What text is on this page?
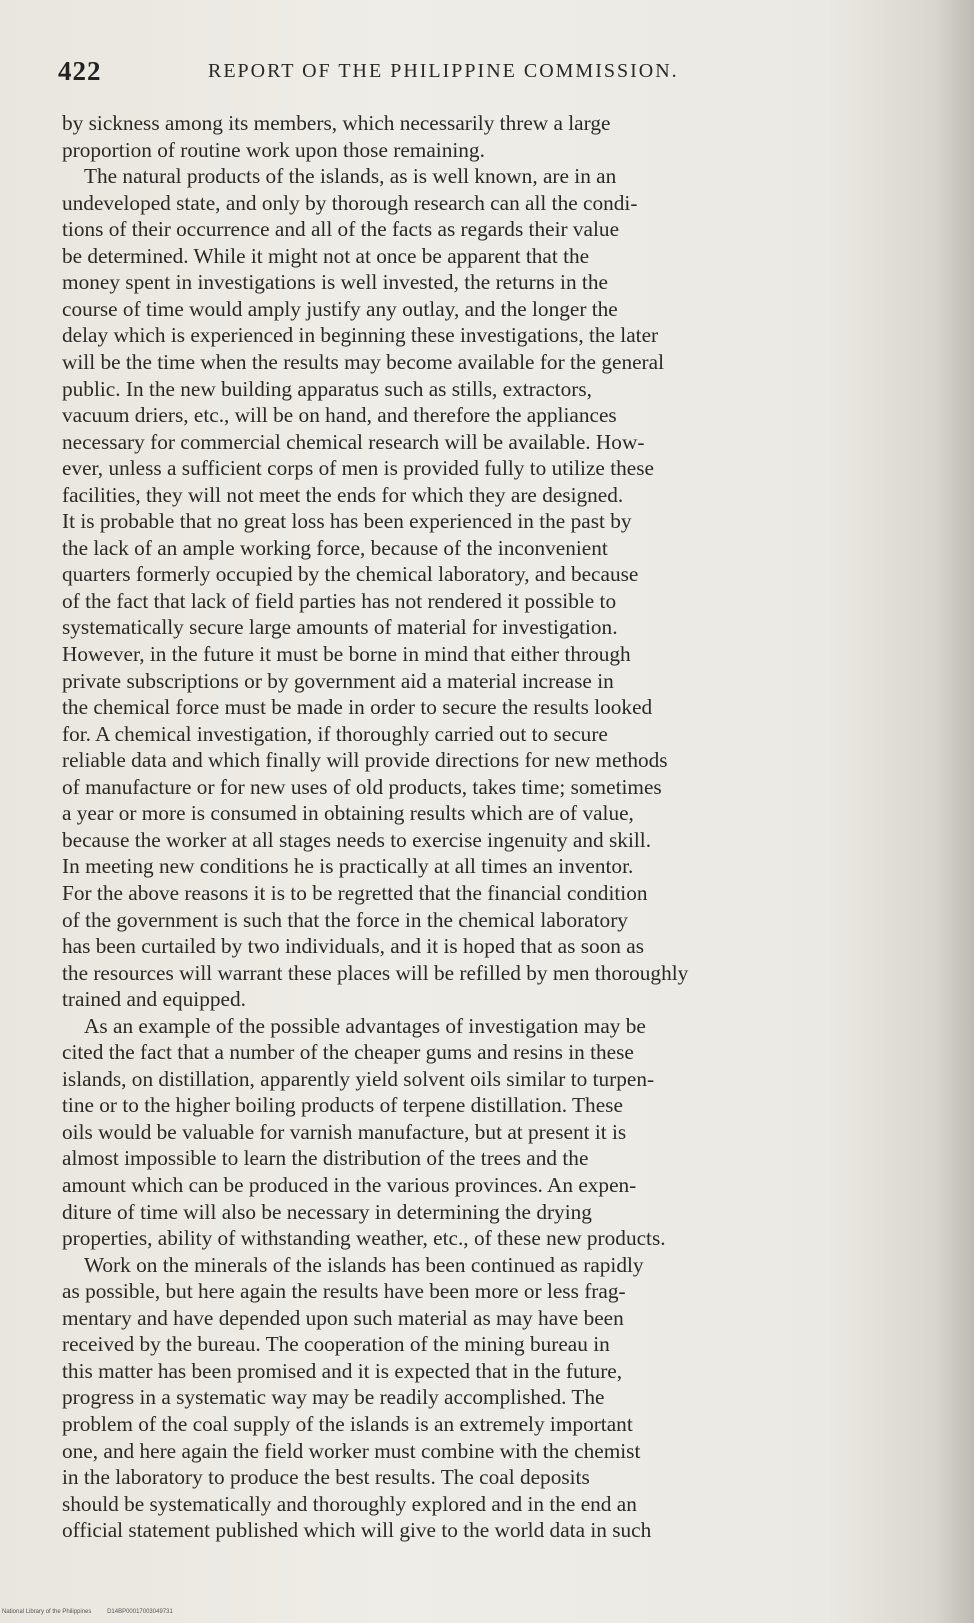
422	REPORT OF THE PHILIPPINE COMMISSION.
by sickness among its members, which necessarily threw a large
proportion of routine work upon those remaining.
The natural products of the islands, as is well known, are in an
undeveloped state, and only by thorough research can all the condi-
tions of their occurrence and all of the facts as regards their value
be determined. While it might not at once be apparent that the
money spent in investigations is well invested, the returns in the
course of time would amply justify any outlay, and the longer the
delay which is experienced in beginning these investigations, the later
will be the time when the results may become available for the general
public. In the new building apparatus such as stills, extractors,
vacuum driers, etc., will be on hand, and therefore the appliances
necessary for commercial chemical research will be available. How-
ever, unless a sufficient corps of men is provided fully to utilize these
facilities, they will not meet the ends for which they are designed.
It is probable that no great loss has been experienced in the past by
the lack of an ample working force, because of the inconvenient
quarters formerly occupied by the chemical laboratory, and because
of the fact that lack of field parties has not rendered it possible to
systematically secure large amounts of material for investigation.
However, in the future it must be borne in mind that either through
private subscriptions or by government aid a material increase in
the chemical force must be made in order to secure the results looked
for. A chemical investigation, if thoroughly carried out to secure
reliable data and which finally will provide directions for new methods
of manufacture or for new uses of old products, takes time; sometimes
a year or more is consumed in obtaining results which are of value,
because the worker at all stages needs to exercise ingenuity and skill.
In meeting new conditions he is practically at all times an inventor.
For the above reasons it is to be regretted that the financial condition
of the government is such that the force in the chemical laboratory
has been curtailed by two individuals, and it is hoped that as soon as
the resources will warrant these places will be refilled by men thoroughly
trained and equipped.
As an example of the possible advantages of investigation may be
cited the fact that a number of the cheaper gums and resins in these
islands, on distillation, apparently yield solvent oils similar to turpen-
tine or to the higher boiling products of terpene distillation. These
oils would be valuable for varnish manufacture, but at present it is
almost impossible to learn the distribution of the trees and the
amount which can be produced in the various provinces. An expen-
diture of time will also be necessary in determining the drying
properties, ability of withstanding weather, etc., of these new products.
Work on the minerals of the islands has been continued as rapidly
as possible, but here again the results have been more or less frag-
mentary and have depended upon such material as may have been
received by the bureau. The cooperation of the mining bureau in
this matter has been promised and it is expected that in the future,
progress in a systematic way may be readily accomplished. The
problem of the coal supply of the islands is an extremely important
one, and here again the field worker must combine with the chemist
in the laboratory to produce the best results. The coal deposits
should be systematically and thoroughly explored and in the end an
official statement published which will give to the world data in such
National Library of the Philippines	D14BP00017003049731
